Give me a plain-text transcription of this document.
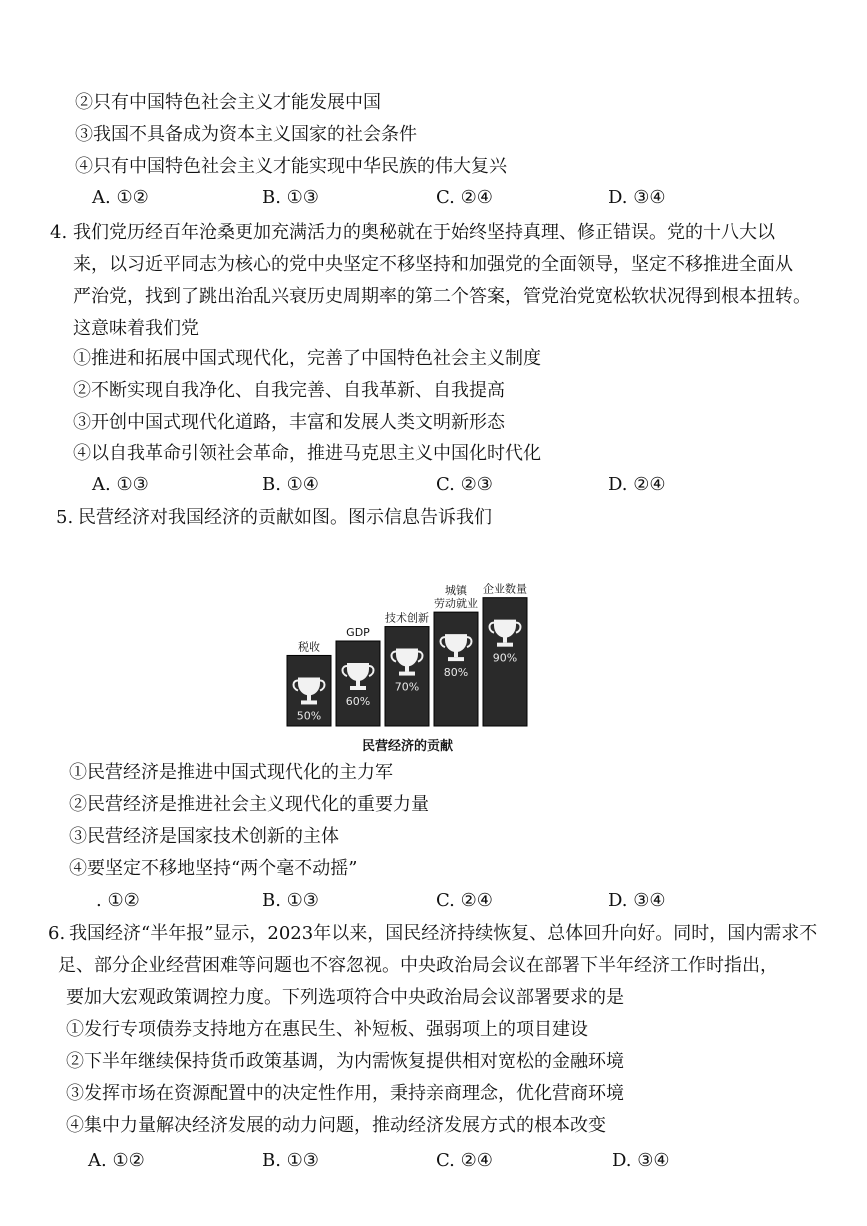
②只有中国特色社会主义才能发展中国
③我国不具备成为资本主义国家的社会条件
④只有中国特色社会主义才能实现中华民族的伟大复兴
A. ①②	B. ①③	C. ②④	D. ③④
4. 我们党历经百年沧桑更加充满活力的奥秘就在于始终坚持真理、修正错误。党的十八大以
来，以习近平同志为核心的党中央坚定不移坚持和加强党的全面领导，坚定不移推进全面从
严治党，找到了跳出治乱兴衰历史周期率的第二个答案，管党治党宽松软状况得到根本扭转。
这意味着我们党
①推进和拓展中国式现代化，完善了中国特色社会主义制度
②不断实现自我净化、自我完善、自我革新、自我提高
③开创中国式现代化道路，丰富和发展人类文明新形态
④以自我革命引领社会革命，推进马克思主义中国化时代化
A. ①③	B. ①④	C. ②③	D. ②④
5. 民营经济对我国经济的贡献如图。图示信息告诉我们
50%
税收
60%
GDP
70%
技术创新
80%
城镇
劳动就业
90%
企业数量
民营经济的贡献
①民营经济是推进中国式现代化的主力军
②民营经济是推进社会主义现代化的重要力量
③民营经济是国家技术创新的主体
④要坚定不移地坚持“两个毫不动摇”
. ①②	B. ①③	C. ②④	D. ③④
6. 我国经济“半年报”显示，2023年以来，国民经济持续恢复、总体回升向好。同时，国内需求不
足、部分企业经营困难等问题也不容忽视。中央政治局会议在部署下半年经济工作时指出，
要加大宏观政策调控力度。下列选项符合中央政治局会议部署要求的是
①发行专项债券支持地方在惠民生、补短板、强弱项上的项目建设
②下半年继续保持货币政策基调，为内需恢复提供相对宽松的金融环境
③发挥市场在资源配置中的决定性作用，秉持亲商理念，优化营商环境
④集中力量解决经济发展的动力问题，推动经济发展方式的根本改变
A. ①②	B. ①③	C. ②④	D. ③④
